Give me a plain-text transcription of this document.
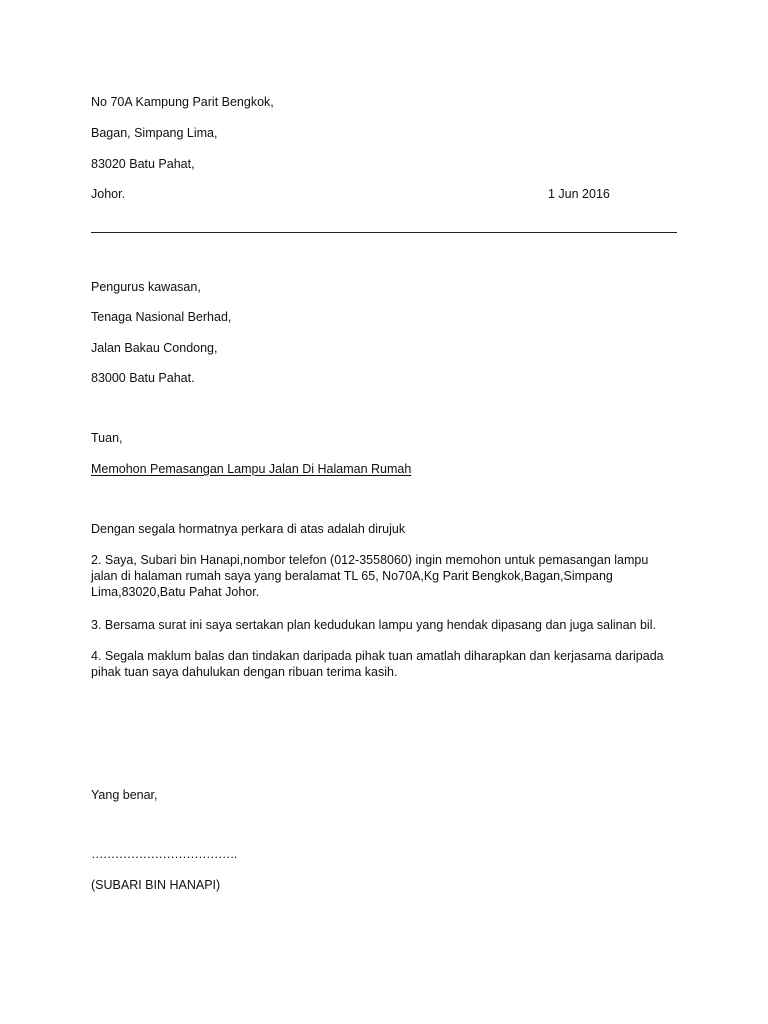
No 70A Kampung Parit Bengkok,
Bagan, Simpang Lima,
83020 Batu Pahat,
Johor.	1 Jun 2016
Pengurus kawasan,
Tenaga Nasional Berhad,
Jalan Bakau Condong,
83000 Batu Pahat.
Tuan,
Memohon Pemasangan Lampu Jalan Di Halaman Rumah
Dengan segala hormatnya perkara di atas adalah dirujuk
2. Saya, Subari bin Hanapi,nombor telefon (012-3558060) ingin memohon untuk pemasangan lampu
jalan di halaman rumah saya yang beralamat TL 65, No70A,Kg Parit Bengkok,Bagan,Simpang
Lima,83020,Batu Pahat Johor.
3. Bersama surat ini saya sertakan plan kedudukan lampu yang hendak dipasang dan juga salinan bil.
4. Segala maklum balas dan tindakan daripada pihak tuan amatlah diharapkan dan kerjasama daripada
pihak tuan saya dahulukan dengan ribuan terima kasih.
Yang benar,
……………………………….
(SUBARI BIN HANAPI)
